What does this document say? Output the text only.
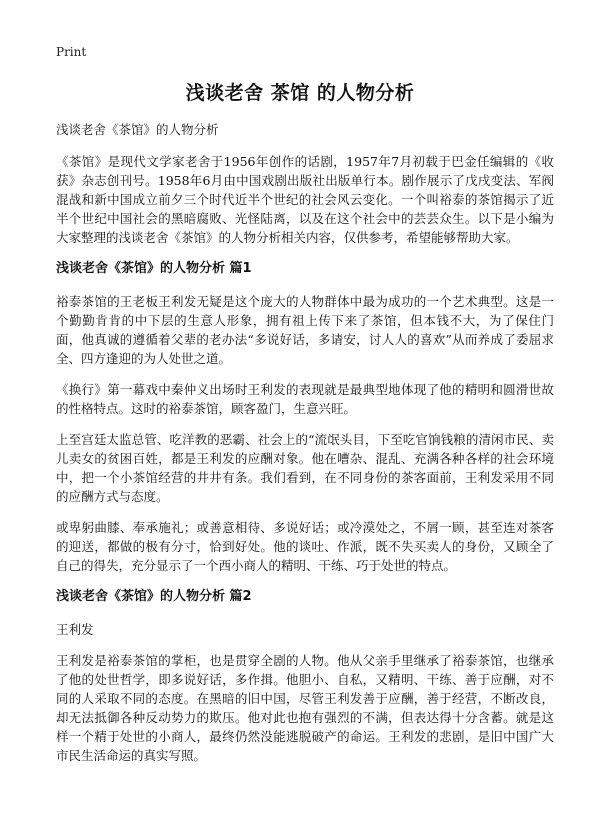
Print
浅谈老舍 茶馆 的人物分析

浅谈老舍《茶馆》的人物分析

《茶馆》是现代文学家老舍于1956年创作的话剧，1957年7月初载于巴金任编辑的《收获》杂志创刊号。1958年6月由中国戏剧出版社出版单行本。剧作展示了戊戌变法、军阀混战和新中国成立前夕三个时代近半个世纪的社会风云变化。一个叫裕泰的茶馆揭示了近半个世纪中国社会的黑暗腐败、光怪陆离，以及在这个社会中的芸芸众生。以下是小编为大家整理的浅谈老舍《茶馆》的人物分析相关内容，仅供参考，希望能够帮助大家。

浅谈老舍《茶馆》的人物分析 篇1

裕泰茶馆的王老板王利发无疑是这个庞大的人物群体中最为成功的一个艺术典型。这是一个勤勤肯肯的中下层的生意人形象，拥有祖上传下来了茶馆，但本钱不大，为了保住门面，他真诚的遵循着父辈的老办法“多说好话，多请安，讨人人的喜欢”从而养成了委屈求全、四方逢迎的为人处世之道。

《换行》第一幕戏中秦仲义出场时王利发的表现就是最典型地体现了他的精明和圆滑世故的性格特点。这时的裕泰茶馆，顾客盈门，生意兴旺。

上至宫廷太监总管、吃洋教的恶霸、社会上的“流氓头目，下至吃官饷钱粮的清闲市民、卖儿卖女的贫困百姓，都是王利发的应酬对象。他在嘈杂、混乱、充满各种各样的社会环境中，把一个小茶馆经营的井井有条。我们看到，在不同身份的茶客面前，王利发采用不同的应酬方式与态度。

或卑躬曲膝、奉承施礼；或善意相待、多说好话；或冷漠处之，不屑一顾，甚至连对茶客的迎送，都做的极有分寸，恰到好处。他的谈吐、作派，既不失买卖人的身份，又顾全了自己的得失，充分显示了一个西小商人的精明、干练、巧于处世的特点。

浅谈老舍《茶馆》的人物分析 篇2

王利发

王利发是裕泰茶馆的掌柜，也是贯穿全剧的人物。他从父亲手里继承了裕泰茶馆，也继承了他的处世哲学，即多说好话，多作揖。他胆小、自私，又精明、干练、善于应酬，对不同的人采取不同的态度。在黑暗的旧中国，尽管王利发善于应酬，善于经营，不断改良，却无法抵御各种反动势力的欺压。他对此也抱有强烈的不满，但表达得十分含蓄。就是这样一个精于处世的小商人，最终仍然没能逃脱破产的命运。王利发的悲剧，是旧中国广大市民生活命运的真实写照。
